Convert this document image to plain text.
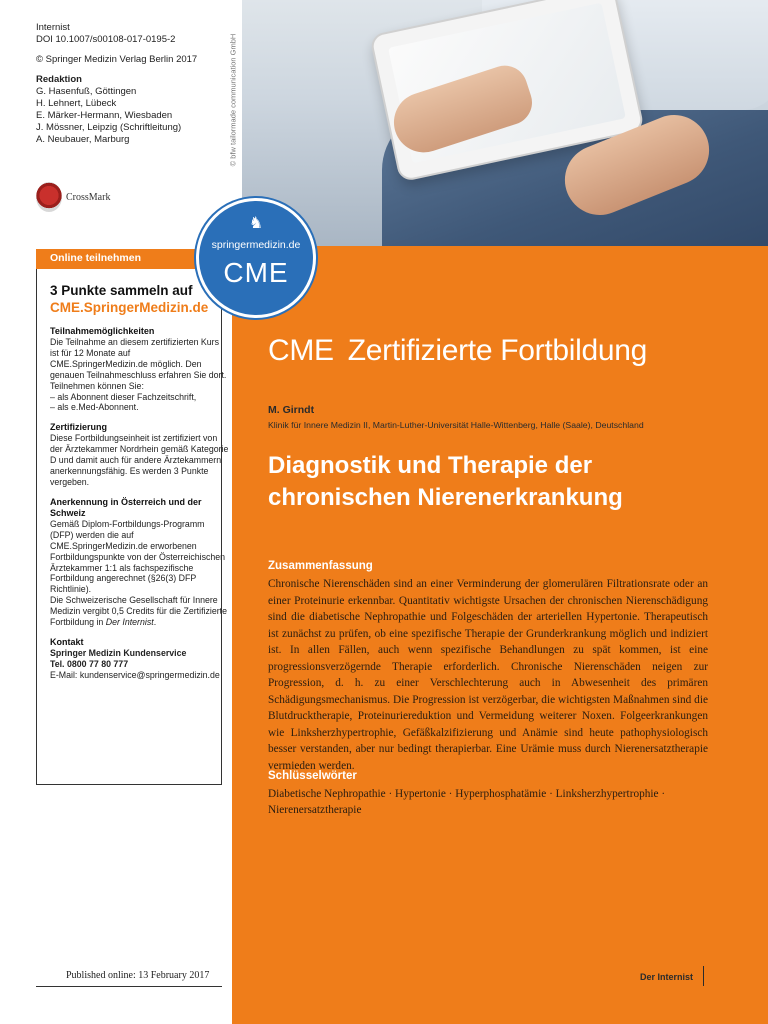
Internist
DOI 10.1007/s00108-017-0195-2
© Springer Medizin Verlag Berlin 2017
Redaktion
G. Hasenfuß, Göttingen
H. Lehnert, Lübeck
E. Märker-Hermann, Wiesbaden
J. Mössner, Leipzig (Schriftleitung)
A. Neubauer, Marburg
CrossMark
© bfw tailormade communication GmbH
Online teilnehmen
3 Punkte sammeln auf
CME.SpringerMedizin.de
Teilnahmemöglichkeiten
Die Teilnahme an diesem zertifizierten Kurs ist für 12 Monate auf CME.SpringerMedizin.de möglich. Den genauen Teilnahmeschluss erfahren Sie dort.
Teilnehmen können Sie:
– als Abonnent dieser Fachzeitschrift,
– als e.Med-Abonnent.
Zertifizierung
Diese Fortbildungseinheit ist zertifiziert von der Ärztekammer Nordrhein gemäß Kategorie D und damit auch für andere Ärztekammern anerkennungsfähig. Es werden 3 Punkte vergeben.
Anerkennung in Österreich und der Schweiz
Gemäß Diplom-Fortbildungs-Programm (DFP) werden die auf CME.SpringerMedizin.de erworbenen Fortbildungspunkte von der Österreichischen Ärztekammer 1:1 als fachspezifische Fortbildung angerechnet (§26(3) DFP Richtlinie).
Die Schweizerische Gesellschaft für Innere Medizin vergibt 0,5 Credits für die Zertifizierte Fortbildung in Der Internist.
Kontakt
Springer Medizin Kundenservice
Tel. 0800 77 80 777
E-Mail: kundenservice@springermedizin.de
Published online: 13 February 2017
♞
springermedizin.de
CME
CME Zertifizierte Fortbildung
M. Girndt
Klinik für Innere Medizin II, Martin-Luther-Universität Halle-Wittenberg, Halle (Saale), Deutschland
Diagnostik und Therapie der chronischen Nierenerkrankung
Zusammenfassung
Chronische Nierenschäden sind an einer Verminderung der glomerulären Filtrationsrate oder an einer Proteinurie erkennbar. Quantitativ wichtigste Ursachen der chronischen Nierenschädigung sind die diabetische Nephropathie und Folgeschäden der arteriellen Hypertonie. Therapeutisch ist zunächst zu prüfen, ob eine spezifische Therapie der Grunderkrankung möglich und indiziert ist. In allen Fällen, auch wenn spezifische Behandlungen zu spät kommen, ist eine progressionsverzögernde Therapie erforderlich. Chronische Nierenschäden neigen zur Progression, d. h. zu einer Verschlechterung auch in Abwesenheit des primären Schädigungsmechanismus. Die Progression ist verzögerbar, die wichtigsten Maßnahmen sind die Blutdrucktherapie, Proteinuriereduktion und Vermeidung weiterer Noxen. Folgeerkrankungen wie Linksherzhypertrophie, Gefäßkalzifizierung und Anämie sind heute pathophysiologisch besser verstanden, aber nur bedingt therapierbar. Eine Urämie muss durch Nierenersatztherapie vermieden werden.
Schlüsselwörter
Diabetische Nephropathie · Hypertonie · Hyperphosphatämie · Linksherzhypertrophie · Nierenersatztherapie
Der Internist
